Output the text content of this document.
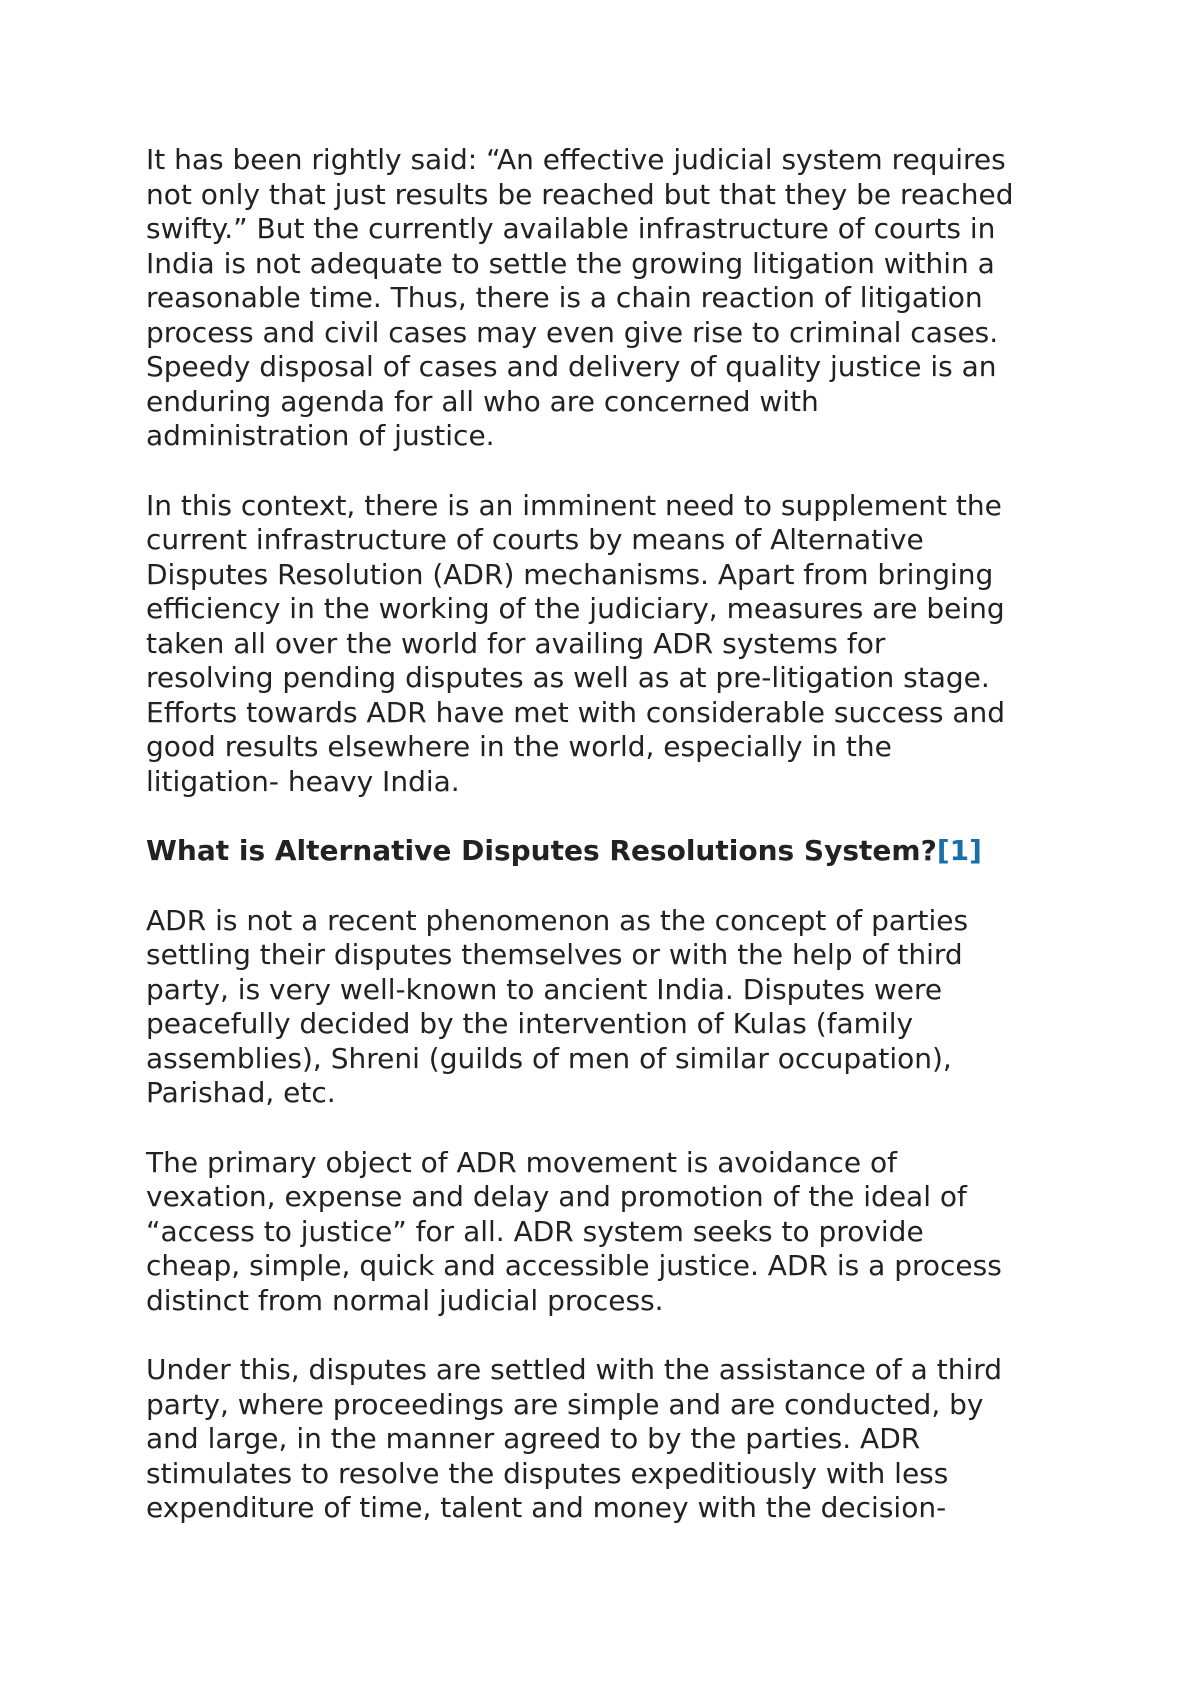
It has been rightly said: “An effective judicial system requires
not only that just results be reached but that they be reached
swifty.” But the currently available infrastructure of courts in
India is not adequate to settle the growing litigation within a
reasonable time. Thus, there is a chain reaction of litigation
process and civil cases may even give rise to criminal cases.
Speedy disposal of cases and delivery of quality justice is an
enduring agenda for all who are concerned with
administration of justice.
In this context, there is an imminent need to supplement the
current infrastructure of courts by means of Alternative
Disputes Resolution (ADR) mechanisms. Apart from bringing
efficiency in the working of the judiciary, measures are being
taken all over the world for availing ADR systems for
resolving pending disputes as well as at pre-litigation stage.
Efforts towards ADR have met with considerable success and
good results elsewhere in the world, especially in the
litigation- heavy India.
What is Alternative Disputes Resolutions System?[1]
ADR is not a recent phenomenon as the concept of parties
settling their disputes themselves or with the help of third
party, is very well-known to ancient India. Disputes were
peacefully decided by the intervention of Kulas (family
assemblies), Shreni (guilds of men of similar occupation),
Parishad, etc.
The primary object of ADR movement is avoidance of
vexation, expense and delay and promotion of the ideal of
“access to justice” for all. ADR system seeks to provide
cheap, simple, quick and accessible justice. ADR is a process
distinct from normal judicial process.
Under this, disputes are settled with the assistance of a third
party, where proceedings are simple and are conducted, by
and large, in the manner agreed to by the parties. ADR
stimulates to resolve the disputes expeditiously with less
expenditure of time, talent and money with the decision-
